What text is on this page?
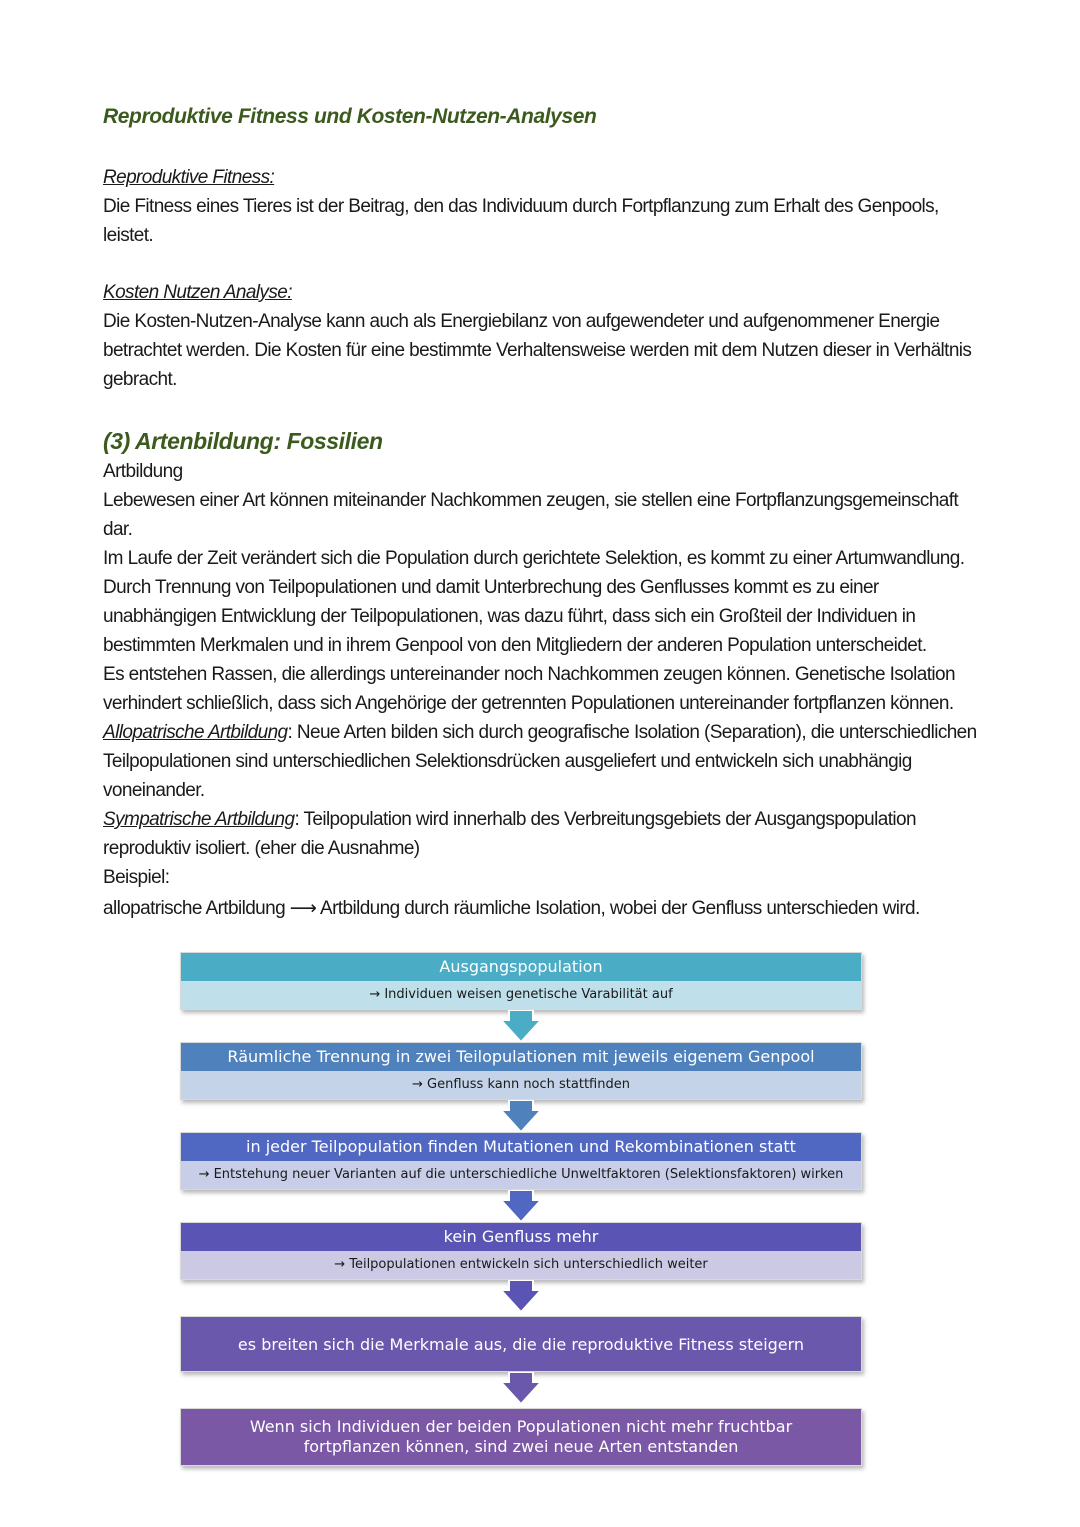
Reproduktive Fitness und Kosten-Nutzen-Analysen

Reproduktive Fitness:

Die Fitness eines Tieres ist der Beitrag, den das Individuum durch Fortpflanzung zum Erhalt des Genpools, leistet.

Kosten Nutzen Analyse:

Die Kosten-Nutzen-Analyse kann auch als Energiebilanz von aufgewendeter und aufgenommener Energie betrachtet werden. Die Kosten für eine bestimmte Verhaltensweise werden mit dem Nutzen dieser in Verhältnis gebracht.

(3) Artenbildung: Fossilien

Artbildung

Lebewesen einer Art können miteinander Nachkommen zeugen, sie stellen eine Fortpflanzungsgemeinschaft dar.

Im Laufe der Zeit verändert sich die Population durch gerichtete Selektion, es kommt zu einer Artumwandlung.

Durch Trennung von Teilpopulationen und damit Unterbrechung des Genflusses kommt es zu einer unabhängigen Entwicklung der Teilpopulationen, was dazu führt, dass sich ein Großteil der Individuen in bestimmten Merkmalen und in ihrem Genpool von den Mitgliedern der anderen Population unterscheidet.

Es entstehen Rassen, die allerdings untereinander noch Nachkommen zeugen können. Genetische Isolation verhindert schließlich, dass sich Angehörige der getrennten Populationen untereinander fortpflanzen können.

Allopatrische Artbildung: Neue Arten bilden sich durch geografische Isolation (Separation), die unterschiedlichen Teilpopulationen sind unterschiedlichen Selektionsdrücken ausgeliefert und entwickeln sich unabhängig voneinander.

Sympatrische Artbildung: Teilpopulation wird innerhalb des Verbreitungsgebiets der Ausgangspopulation reproduktiv isoliert. (eher die Ausnahme)

Beispiel:

allopatrische Artbildung ⟶ Artbildung durch räumliche Isolation, wobei der Genfluss unterschieden wird.

Ausgangspopulation
→ Individuen weisen genetische Varabilität auf
Räumliche Trennung in zwei Teilopulationen mit jeweils eigenem Genpool
→ Genfluss kann noch stattfinden
in jeder Teilpopulation finden Mutationen und Rekombinationen statt
→ Entstehung neuer Varianten auf die unterschiedliche Unweltfaktoren (Selektionsfaktoren) wirken
kein Genfluss mehr
→ Teilpopulationen entwickeln sich unterschiedlich weiter
es breiten sich die Merkmale aus, die die reproduktive Fitness steigern
Wenn sich Individuen der beiden Populationen nicht mehr fruchtbar fortpflanzen können, sind zwei neue Arten entstanden
